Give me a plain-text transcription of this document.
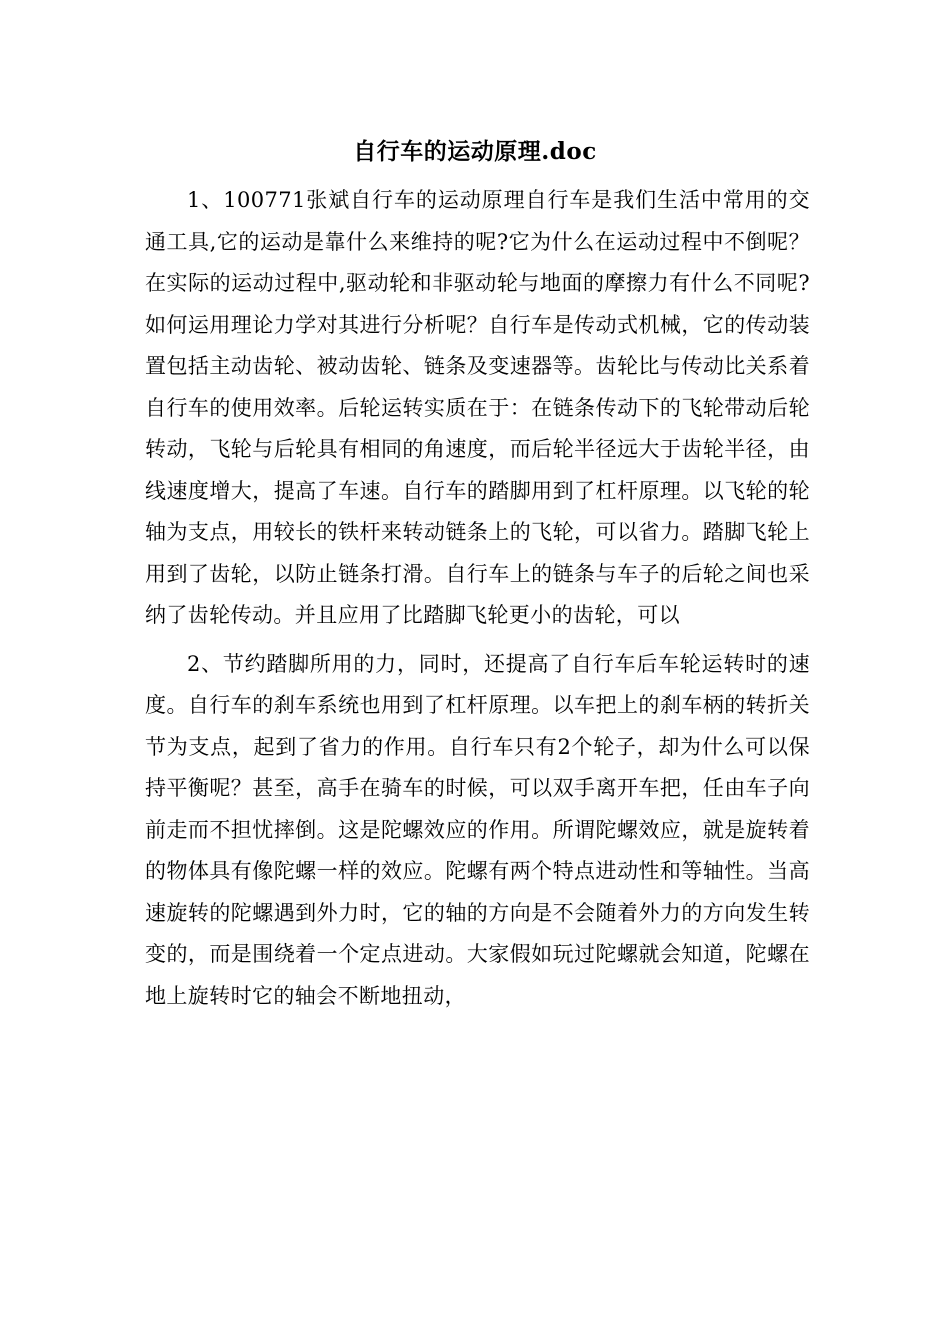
自行车的运动原理.doc

1、100771张斌自行车的运动原理自行车是我们生活中常用的交通工具,它的运动是靠什么来维持的呢?它为什么在运动过程中不倒呢？在实际的运动过程中,驱动轮和非驱动轮与地面的摩擦力有什么不同呢?如何运用理论力学对其进行分析呢？自行车是传动式机械，它的传动装置包括主动齿轮、被动齿轮、链条及变速器等。齿轮比与传动比关系着自行车的使用效率。后轮运转实质在于：在链条传动下的飞轮带动后轮转动，飞轮与后轮具有相同的角速度，而后轮半径远大于齿轮半径，由线速度增大，提高了车速。自行车的踏脚用到了杠杆原理。以飞轮的轮轴为支点，用较长的铁杆来转动链条上的飞轮，可以省力。踏脚飞轮上用到了齿轮，以防止链条打滑。自行车上的链条与车子的后轮之间也采纳了齿轮传动。并且应用了比踏脚飞轮更小的齿轮，可以

2、节约踏脚所用的力，同时，还提高了自行车后车轮运转时的速度。自行车的刹车系统也用到了杠杆原理。以车把上的刹车柄的转折关节为支点，起到了省力的作用。自行车只有2个轮子，却为什么可以保持平衡呢？甚至，高手在骑车的时候，可以双手离开车把，任由车子向前走而不担忧摔倒。这是陀螺效应的作用。所谓陀螺效应，就是旋转着的物体具有像陀螺一样的效应。陀螺有两个特点进动性和等轴性。当高速旋转的陀螺遇到外力时，它的轴的方向是不会随着外力的方向发生转变的，而是围绕着一个定点进动。大家假如玩过陀螺就会知道，陀螺在地上旋转时它的轴会不断地扭动，
